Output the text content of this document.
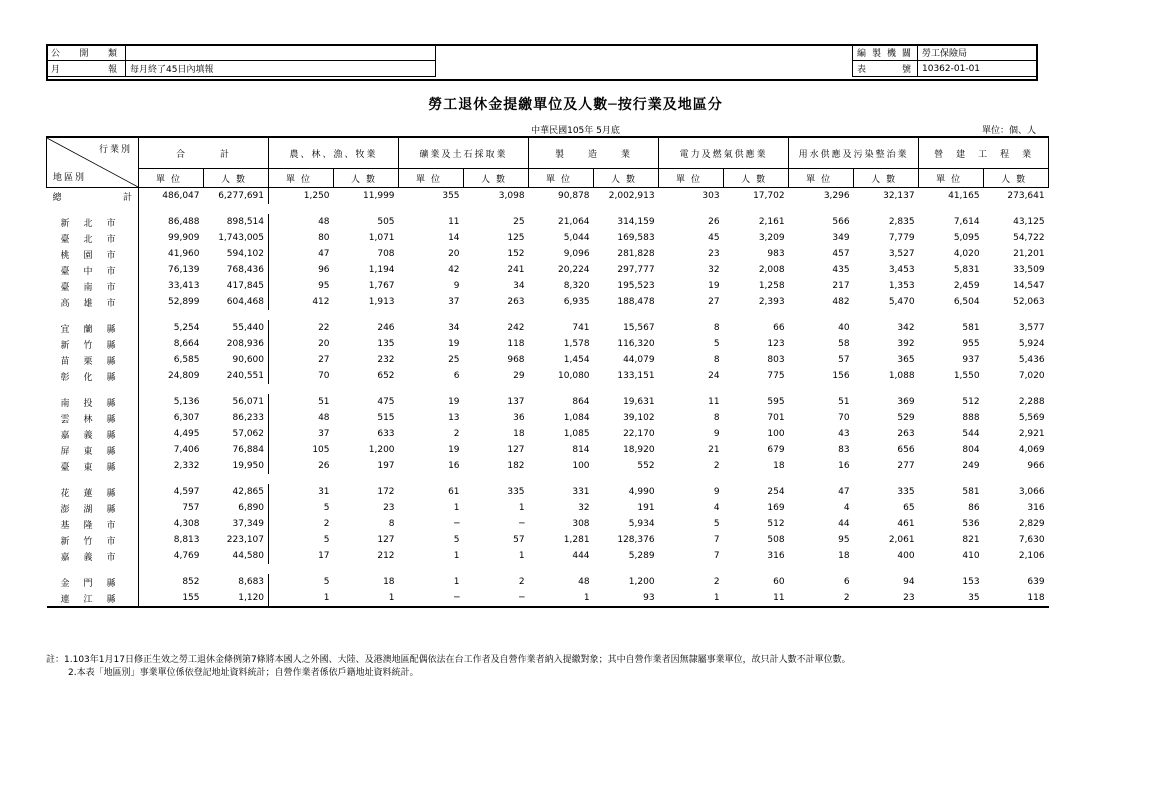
公開類	
月報	每月終了45日內填報
編製機關	勞工保險局
表號	10362-01-01
勞工退休金提繳單位及人數─按行業及地區分
中華民國105年 5月底	單位：個、人
行業別
地區別	合　　　計		農、林、漁、牧業		礦業及土石採取業		製　　造　　業		電力及燃氣供應業		用水供應及污染整治業		營　建　工　程　業	
	單位	人數	單位	人數	單位	人數	單位	人數	單位	人數	單位	人數	單位	人數
總計	486,047	6,277,691	1,250	11,999	355	3,098	90,878	2,002,913	303	17,702	3,296	32,137	41,165	273,641

新北市	86,488	898,514	48	505	11	25	21,064	314,159	26	2,161	566	2,835	7,614	43,125
臺北市	99,909	1,743,005	80	1,071	14	125	5,044	169,583	45	3,209	349	7,779	5,095	54,722
桃園市	41,960	594,102	47	708	20	152	9,096	281,828	23	983	457	3,527	4,020	21,201
臺中市	76,139	768,436	96	1,194	42	241	20,224	297,777	32	2,008	435	3,453	5,831	33,509
臺南市	33,413	417,845	95	1,767	9	34	8,320	195,523	19	1,258	217	1,353	2,459	14,547
高雄市	52,899	604,468	412	1,913	37	263	6,935	188,478	27	2,393	482	5,470	6,504	52,063

宜蘭縣	5,254	55,440	22	246	34	242	741	15,567	8	66	40	342	581	3,577
新竹縣	8,664	208,936	20	135	19	118	1,578	116,320	5	123	58	392	955	5,924
苗栗縣	6,585	90,600	27	232	25	968	1,454	44,079	8	803	57	365	937	5,436
彰化縣	24,809	240,551	70	652	6	29	10,080	133,151	24	775	156	1,088	1,550	7,020

南投縣	5,136	56,071	51	475	19	137	864	19,631	11	595	51	369	512	2,288
雲林縣	6,307	86,233	48	515	13	36	1,084	39,102	8	701	70	529	888	5,569
嘉義縣	4,495	57,062	37	633	2	18	1,085	22,170	9	100	43	263	544	2,921
屏東縣	7,406	76,884	105	1,200	19	127	814	18,920	21	679	83	656	804	4,069
臺東縣	2,332	19,950	26	197	16	182	100	552	2	18	16	277	249	966

花蓮縣	4,597	42,865	31	172	61	335	331	4,990	9	254	47	335	581	3,066
澎湖縣	757	6,890	5	23	1	1	32	191	4	169	4	65	86	316
基隆市	4,308	37,349	2	8	─	─	308	5,934	5	512	44	461	536	2,829
新竹市	8,813	223,107	5	127	5	57	1,281	128,376	7	508	95	2,061	821	7,630
嘉義市	4,769	44,580	17	212	1	1	444	5,289	7	316	18	400	410	2,106

金門縣	852	8,683	5	18	1	2	48	1,200	2	60	6	94	153	639
連江縣	155	1,120	1	1	─	─	1	93	1	11	2	23	35	118
註：1.103年1月17日修正生效之勞工退休金條例第7條將本國人之外國、大陸、及港澳地區配偶依法在台工作者及自營作業者納入提繳對象；其中自營作業者因無隸屬事業單位，故只計人數不計單位數。
2.本表「地區別」事業單位係依登記地址資料統計；自營作業者係依戶籍地址資料統計。
